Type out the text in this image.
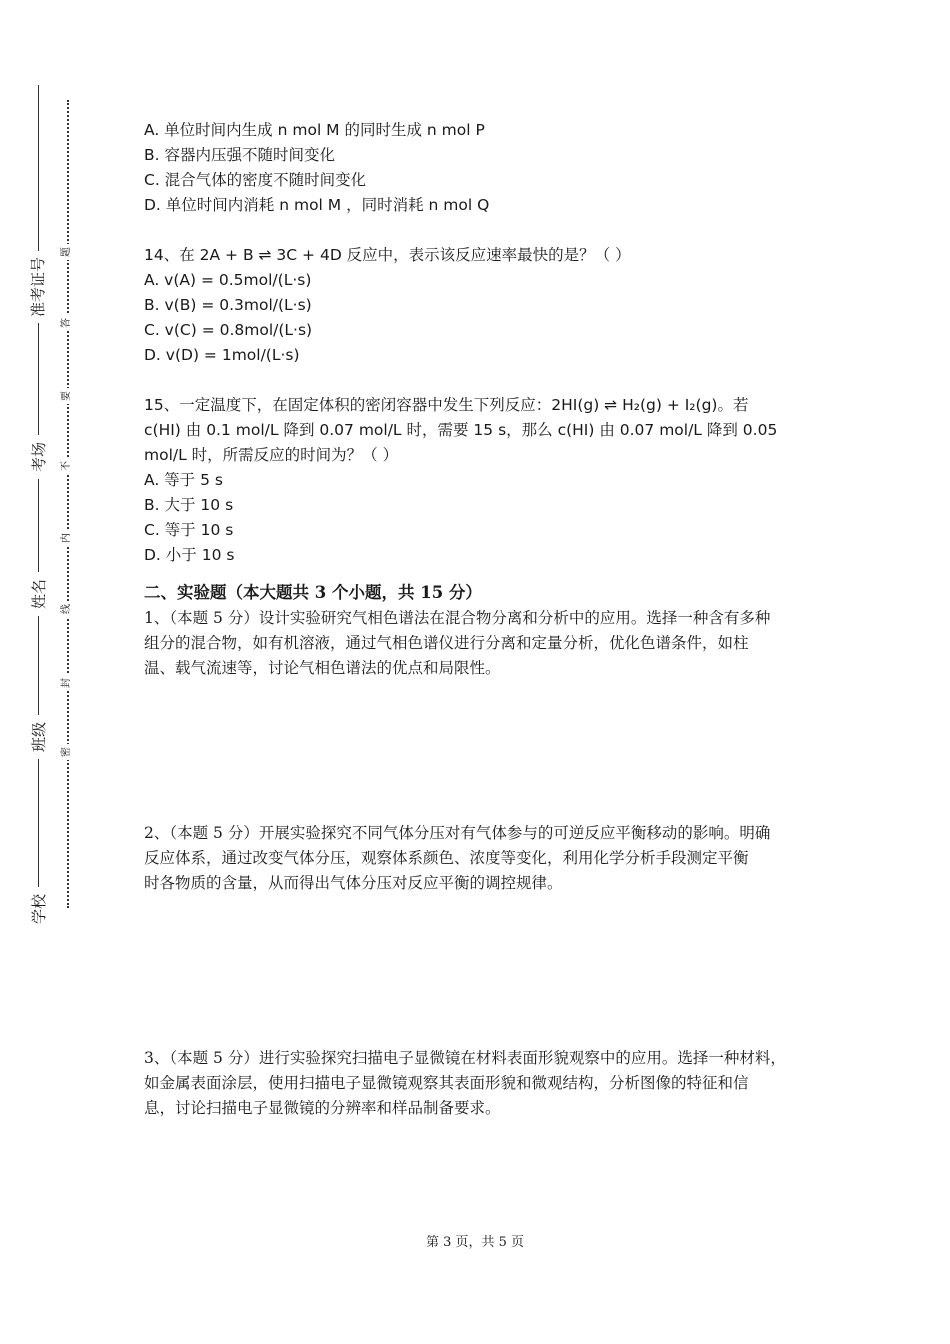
准考证号
考场
姓名
班级
学校
题
答
要
不
内
线
封
密
A. 单位时间内生成 n mol M 的同时生成 n mol P
B. 容器内压强不随时间变化
C. 混合气体的密度不随时间变化
D. 单位时间内消耗 n mol M ，同时消耗 n mol Q
14、在 2A + B ⇌ 3C + 4D 反应中，表示该反应速率最快的是？（ ）
A. v(A) = 0.5mol/(L·s)
B. v(B) = 0.3mol/(L·s)
C. v(C) = 0.8mol/(L·s)
D. v(D) = 1mol/(L·s)
15、一定温度下，在固定体积的密闭容器中发生下列反应：2HI(g) ⇌ H₂(g) + I₂(g)。若
c(HI) 由 0.1 mol/L 降到 0.07 mol/L 时，需要 15 s，那么 c(HI) 由 0.07 mol/L 降到 0.05
mol/L 时，所需反应的时间为？（ ）
A. 等于 5 s
B. 大于 10 s
C. 等于 10 s
D. 小于 10 s
二、实验题（本大题共 3 个小题，共 15 分）
1、（本题 5 分）设计实验研究气相色谱法在混合物分离和分析中的应用。选择一种含有多种
组分的混合物，如有机溶液，通过气相色谱仪进行分离和定量分析，优化色谱条件，如柱
温、载气流速等，讨论气相色谱法的优点和局限性。
2、（本题 5 分）开展实验探究不同气体分压对有气体参与的可逆反应平衡移动的影响。明确
反应体系，通过改变气体分压，观察体系颜色、浓度等变化，利用化学分析手段测定平衡
时各物质的含量，从而得出气体分压对反应平衡的调控规律。
3、（本题 5 分）进行实验探究扫描电子显微镜在材料表面形貌观察中的应用。选择一种材料，
如金属表面涂层，使用扫描电子显微镜观察其表面形貌和微观结构，分析图像的特征和信
息，讨论扫描电子显微镜的分辨率和样品制备要求。
第 3 页，共 5 页
